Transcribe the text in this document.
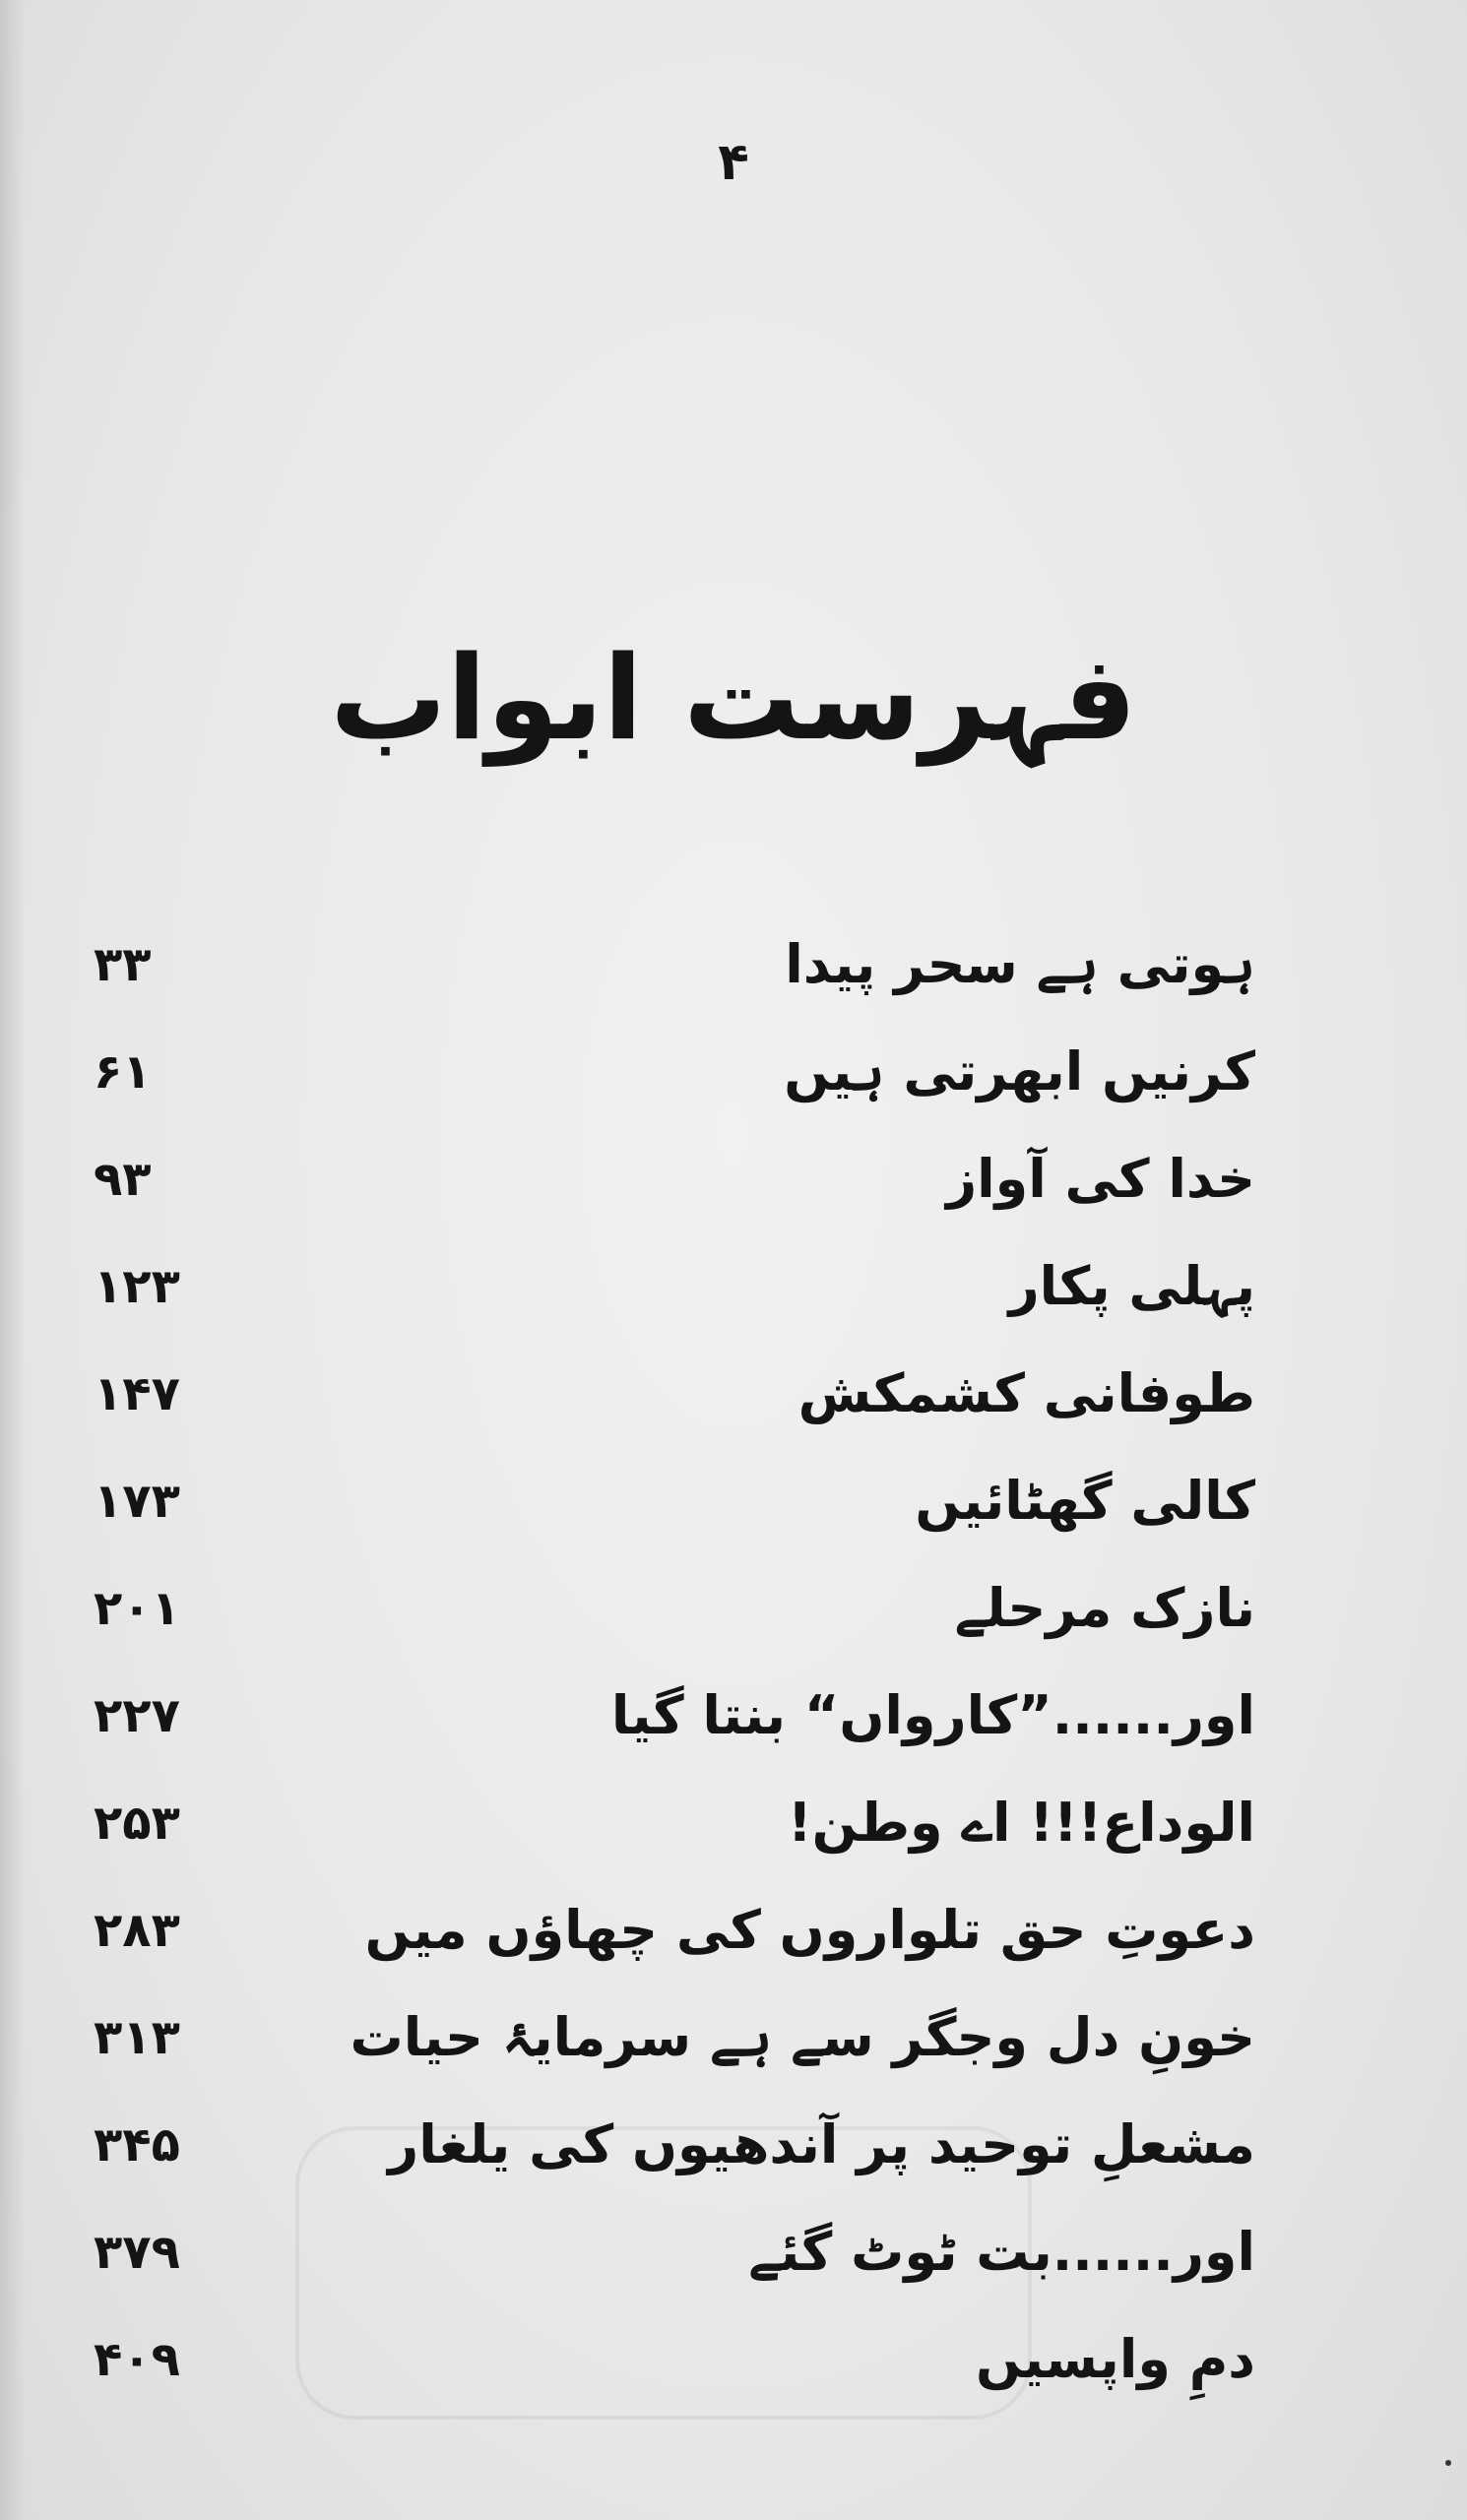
۴
فہرست ابواب
ہوتی ہے سحر پیدا
۳۳
کرنیں ابھرتی ہیں
۶۱
خدا کی آواز
۹۳
پہلی پکار
۱۲۳
طوفانی کشمکش
۱۴۷
کالی گھٹائیں
۱۷۳
نازک مرحلے
۲۰۱
اور......”کارواں“ بنتا گیا
۲۲۷
الوداع!!! اے وطن!
۲۵۳
دعوتِ حق تلواروں کی چھاؤں میں
۲۸۳
خونِ دل وجگر سے ہے سرمایۂ حیات
۳۱۳
مشعلِ توحید پر آندھیوں کی یلغار
۳۴۵
اور......بت ٹوٹ گئے
۳۷۹
دمِ واپسیں
۴۰۹
